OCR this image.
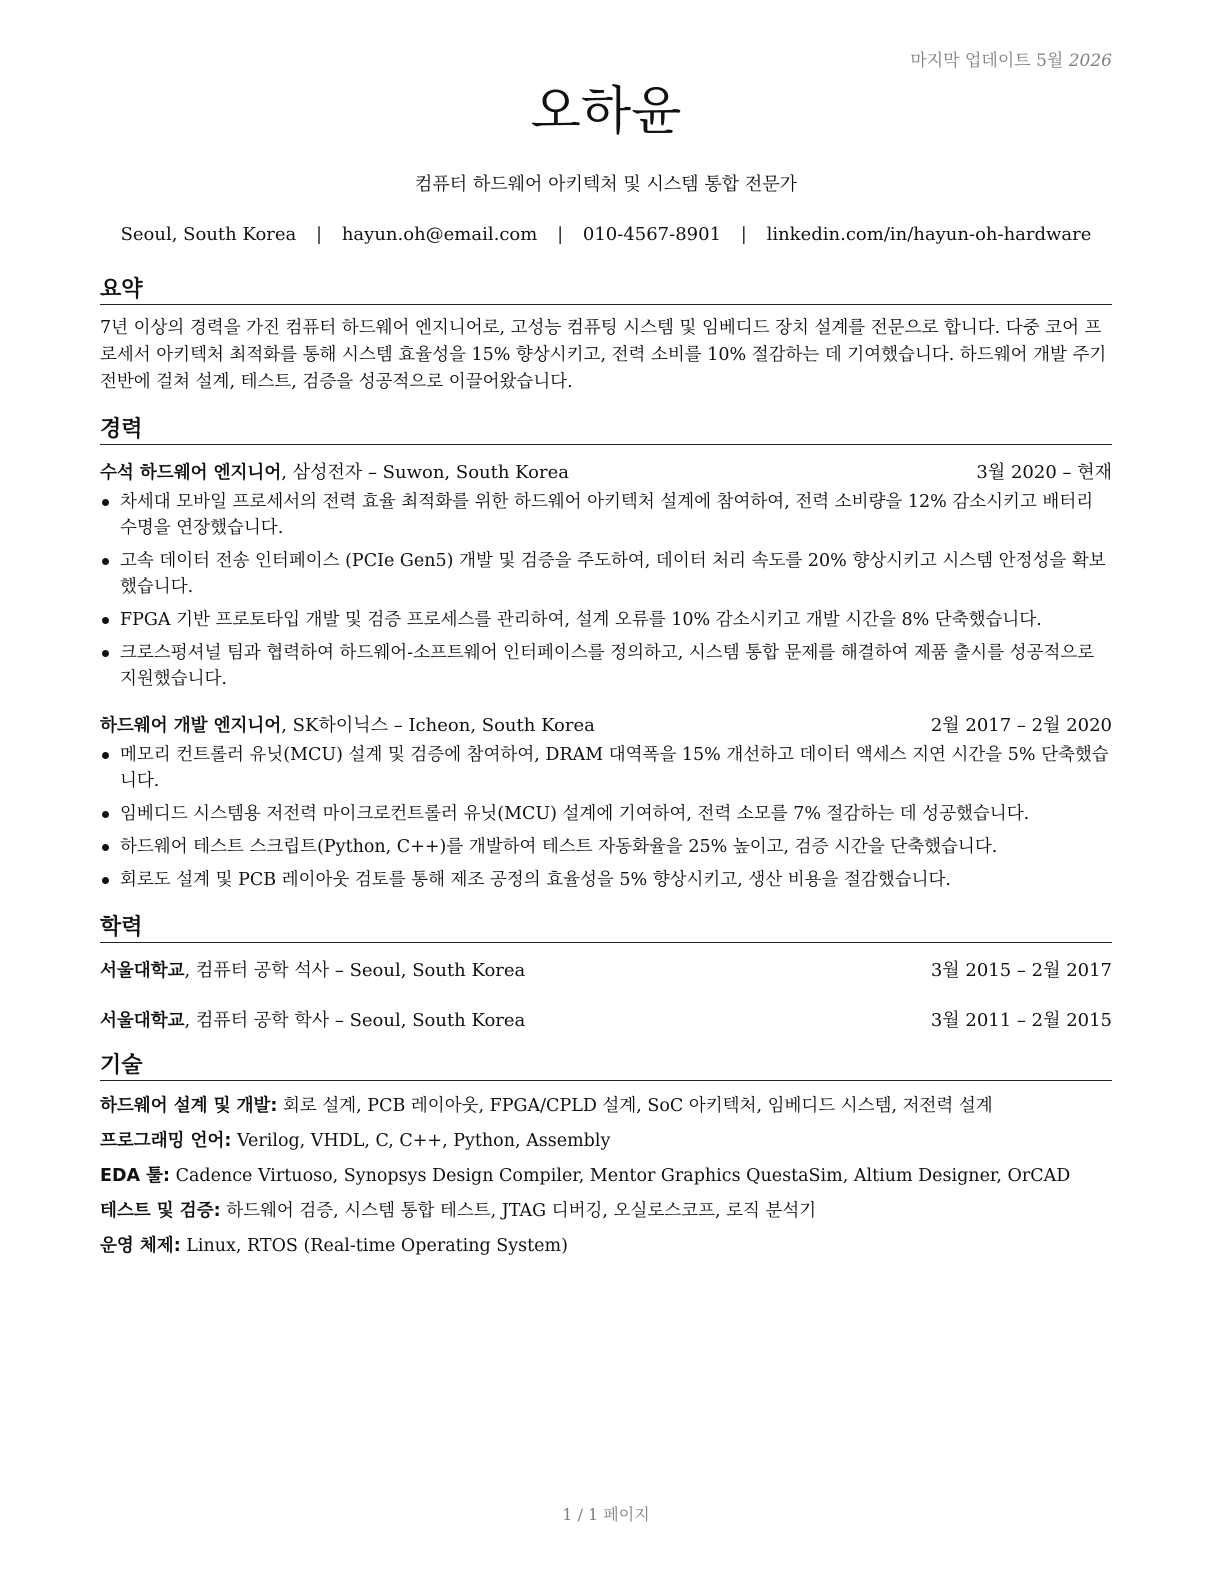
마지막 업데이트 5월 2026
오하윤
컴퓨터 하드웨어 아키텍처 및 시스템 통합 전문가
Seoul, South Korea | hayun.oh@email.com | 010-4567-8901 | linkedin.com/in/hayun-oh-hardware
요약

7년 이상의 경력을 가진 컴퓨터 하드웨어 엔지니어로, 고성능 컴퓨팅 시스템 및 임베디드 장치 설계를 전문으로 합니다. 다중 코어 프로세서 아키텍처 최적화를 통해 시스템 효율성을 15% 향상시키고, 전력 소비를 10% 절감하는 데 기여했습니다. 하드웨어 개발 주기 전반에 걸쳐 설계, 테스트, 검증을 성공적으로 이끌어왔습니다.

경력
수석 하드웨어 엔지니어, 삼성전자 – Suwon, South Korea	3월 2020 – 현재
차세대 모바일 프로세서의 전력 효율 최적화를 위한 하드웨어 아키텍처 설계에 참여하여, 전력 소비량을 12% 감소시키고 배터리 수명을 연장했습니다.
고속 데이터 전송 인터페이스 (PCIe Gen5) 개발 및 검증을 주도하여, 데이터 처리 속도를 20% 향상시키고 시스템 안정성을 확보했습니다.
FPGA 기반 프로토타입 개발 및 검증 프로세스를 관리하여, 설계 오류를 10% 감소시키고 개발 시간을 8% 단축했습니다.
크로스펑셔널 팀과 협력하여 하드웨어-소프트웨어 인터페이스를 정의하고, 시스템 통합 문제를 해결하여 제품 출시를 성공적으로 지원했습니다.
하드웨어 개발 엔지니어, SK하이닉스 – Icheon, South Korea	2월 2017 – 2월 2020
메모리 컨트롤러 유닛(MCU) 설계 및 검증에 참여하여, DRAM 대역폭을 15% 개선하고 데이터 액세스 지연 시간을 5% 단축했습니다.
임베디드 시스템용 저전력 마이크로컨트롤러 유닛(MCU) 설계에 기여하여, 전력 소모를 7% 절감하는 데 성공했습니다.
하드웨어 테스트 스크립트(Python, C++)를 개발하여 테스트 자동화율을 25% 높이고, 검증 시간을 단축했습니다.
회로도 설계 및 PCB 레이아웃 검토를 통해 제조 공정의 효율성을 5% 향상시키고, 생산 비용을 절감했습니다.
학력
서울대학교, 컴퓨터 공학 석사 – Seoul, South Korea	3월 2015 – 2월 2017
서울대학교, 컴퓨터 공학 학사 – Seoul, South Korea	3월 2011 – 2월 2015
기술

하드웨어 설계 및 개발: 회로 설계, PCB 레이아웃, FPGA/CPLD 설계, SoC 아키텍처, 임베디드 시스템, 저전력 설계

프로그래밍 언어: Verilog, VHDL, C, C++, Python, Assembly

EDA 툴: Cadence Virtuoso, Synopsys Design Compiler, Mentor Graphics QuestaSim, Altium Designer, OrCAD

테스트 및 검증: 하드웨어 검증, 시스템 통합 테스트, JTAG 디버깅, 오실로스코프, 로직 분석기

운영 체제: Linux, RTOS (Real-time Operating System)

1 / 1 페이지
